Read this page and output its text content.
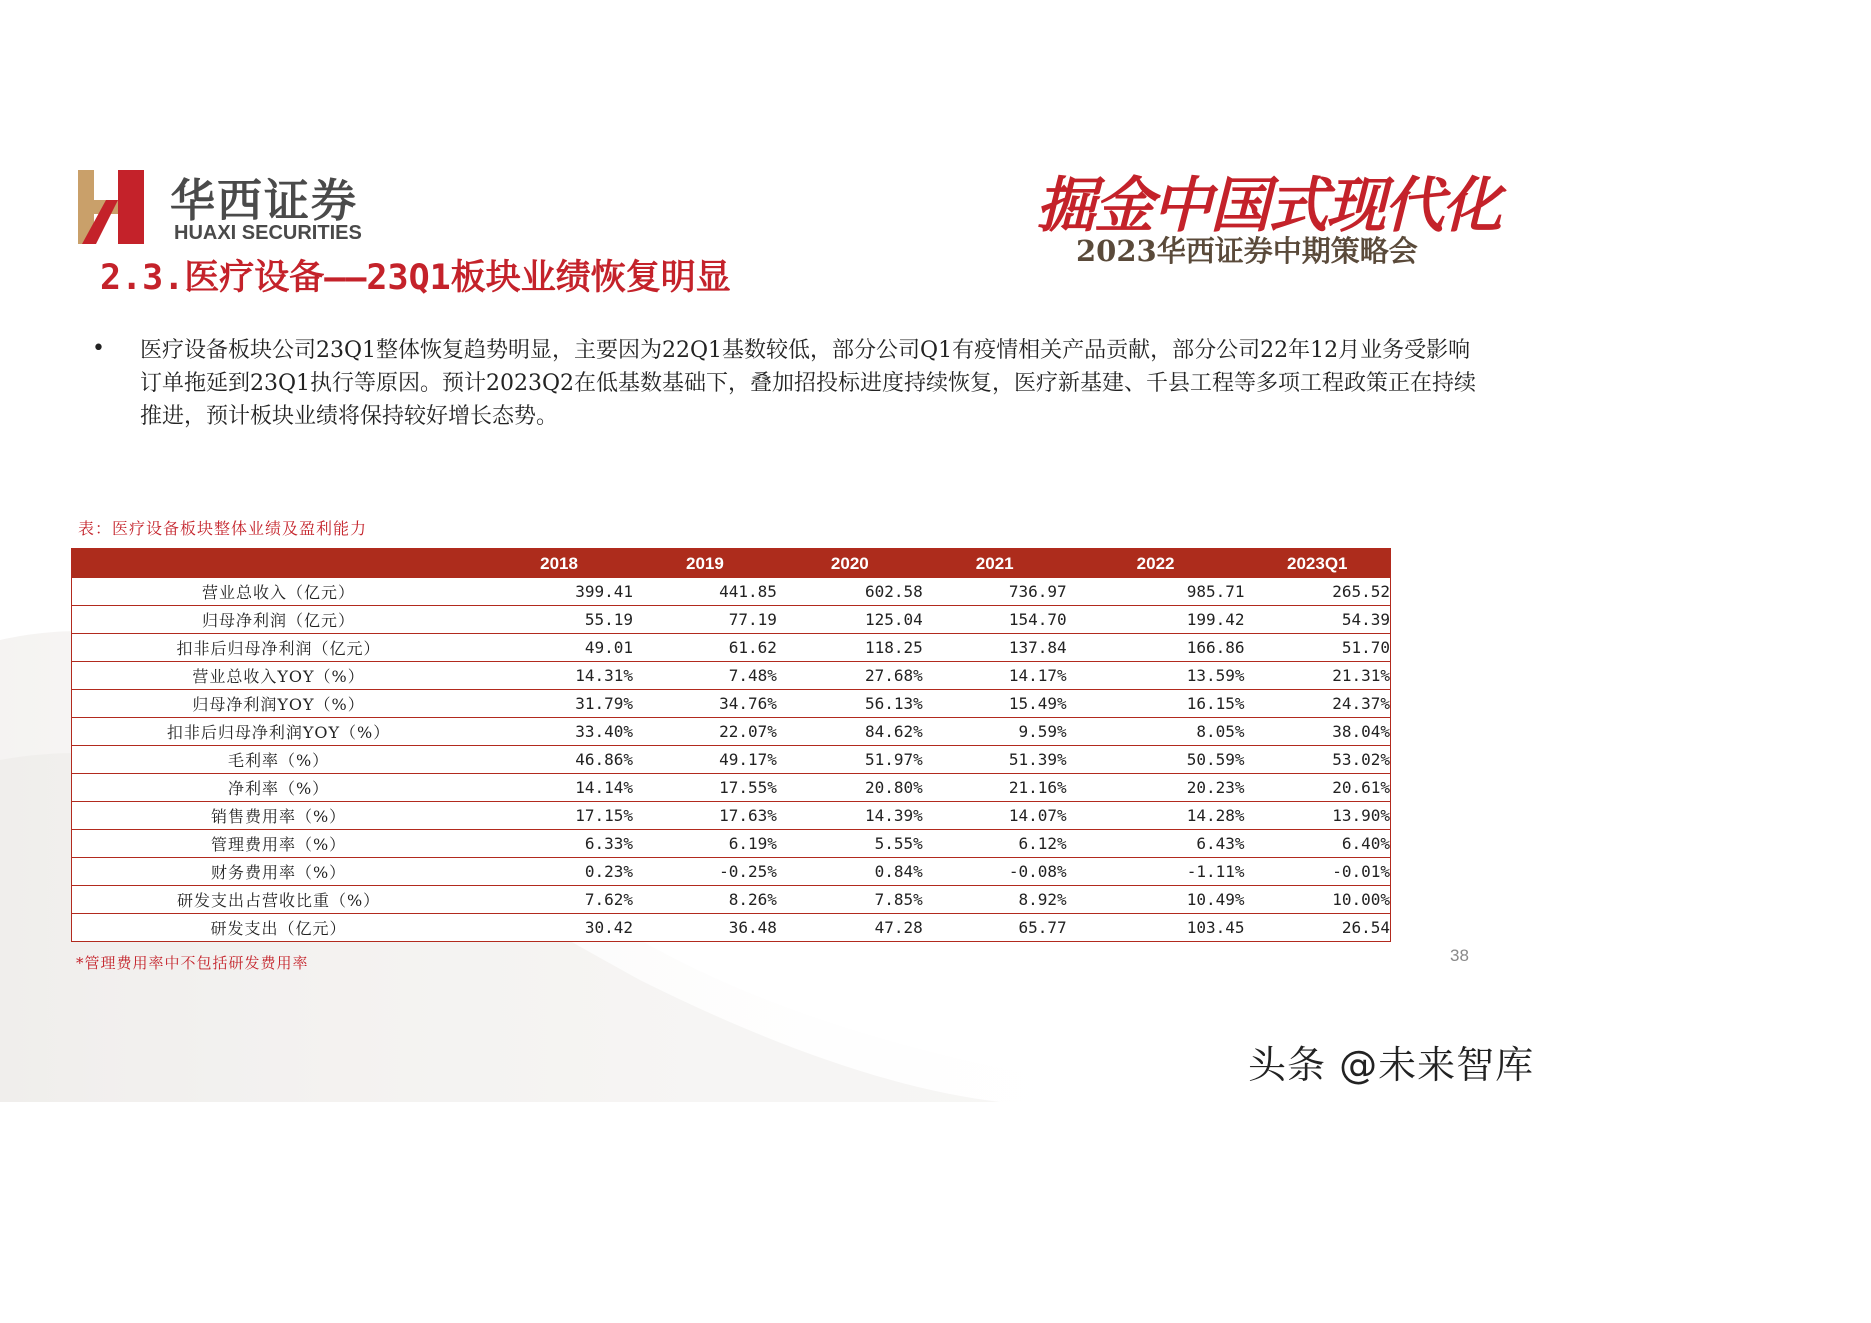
华西证券
HUAXI SECURITIES	掘金中国式现代化
2023华西证券中期策略会
2.3.医疗设备——23Q1板块业绩恢复明显
• 医疗设备板块公司23Q1整体恢复趋势明显，主要因为22Q1基数较低，部分公司Q1有疫情相关产品贡献，部分公司22年12月业务受影响订单拖延到23Q1执行等原因。预计2023Q2在低基数基础下，叠加招投标进度持续恢复，医疗新基建、千县工程等多项工程政策正在持续推进，预计板块业绩将保持较好增长态势。
表：医疗设备板块整体业绩及盈利能力
	2018	2019	2020	2021	2022	2023Q1
营业总收入（亿元）	399.41	441.85	602.58	736.97	985.71	265.52
归母净利润（亿元）	55.19	77.19	125.04	154.70	199.42	54.39
扣非后归母净利润（亿元）	49.01	61.62	118.25	137.84	166.86	51.70
营业总收入YOY（%）	14.31%	7.48%	27.68%	14.17%	13.59%	21.31%
归母净利润YOY（%）	31.79%	34.76%	56.13%	15.49%	16.15%	24.37%
扣非后归母净利润YOY（%）	33.40%	22.07%	84.62%	9.59%	8.05%	38.04%
毛利率（%）	46.86%	49.17%	51.97%	51.39%	50.59%	53.02%
净利率（%）	14.14%	17.55%	20.80%	21.16%	20.23%	20.61%
销售费用率（%）	17.15%	17.63%	14.39%	14.07%	14.28%	13.90%
管理费用率（%）	6.33%	6.19%	5.55%	6.12%	6.43%	6.40%
财务费用率（%）	0.23%	-0.25%	0.84%	-0.08%	-1.11%	-0.01%
研发支出占营收比重（%）	7.62%	8.26%	7.85%	8.92%	10.49%	10.00%
研发支出（亿元）	30.42	36.48	47.28	65.77	103.45	26.54
*管理费用率中不包括研发费用率	38
头条 @未来智库
